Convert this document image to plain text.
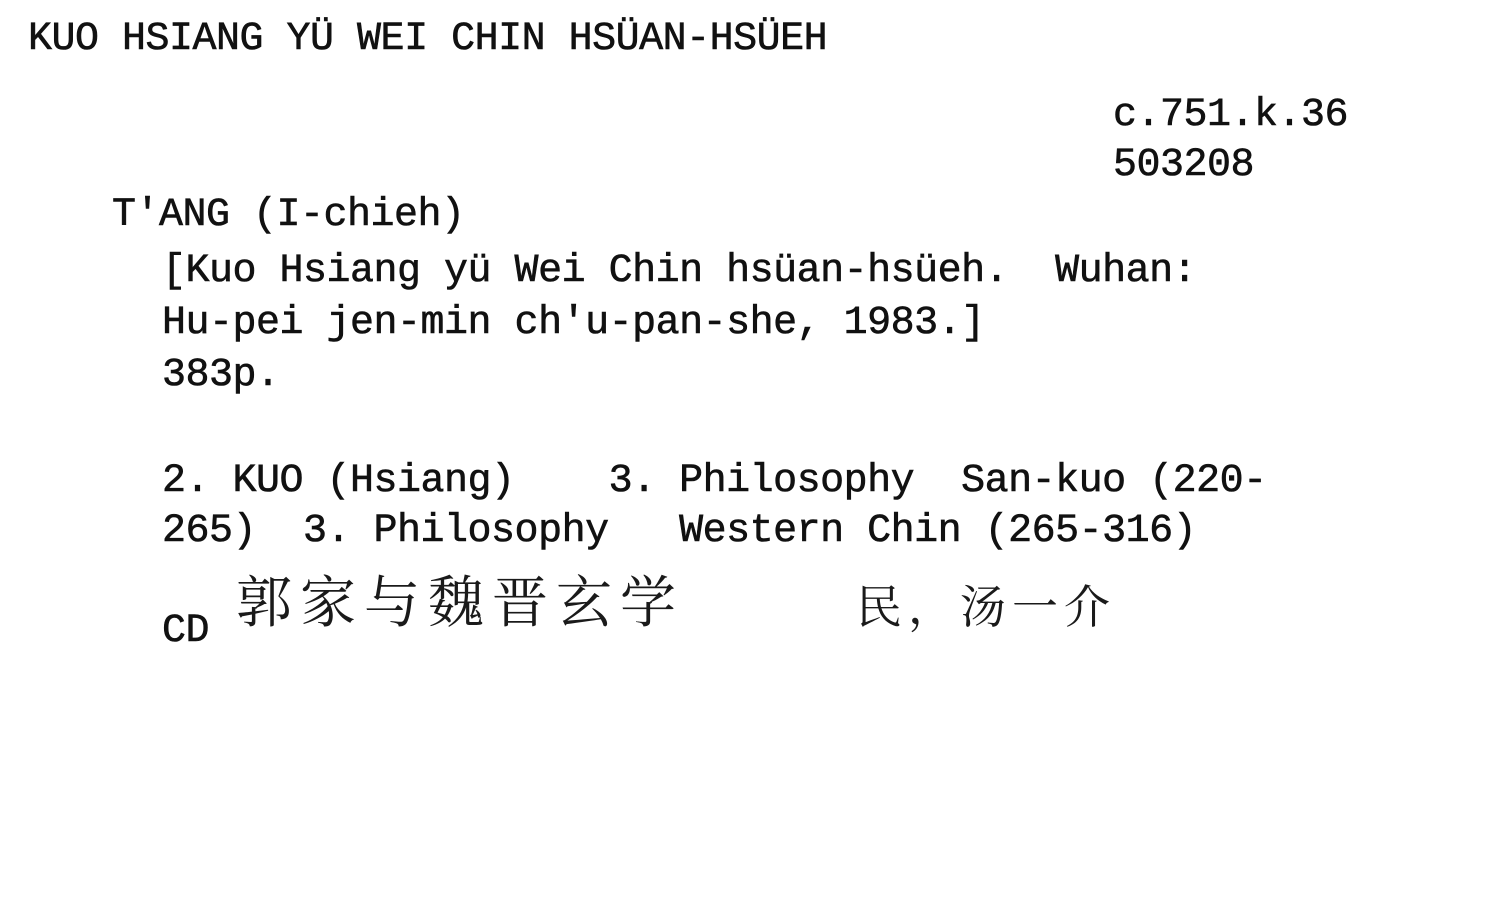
KUO HSIANG YÜ WEI CHIN HSÜAN-HSÜEH
c.751.k.36
503208
T'ANG (I-chieh)
[Kuo Hsiang yü Wei Chin hsüan-hsüeh.  Wuhan:
Hu-pei jen-min ch'u-pan-she, 1983.]
383p.
2. KUO (Hsiang)    3. Philosophy  San-kuo (220-
265)  3. Philosophy   Western Chin (265-316)
CD 郭家与魏晋玄学	民，汤一介
